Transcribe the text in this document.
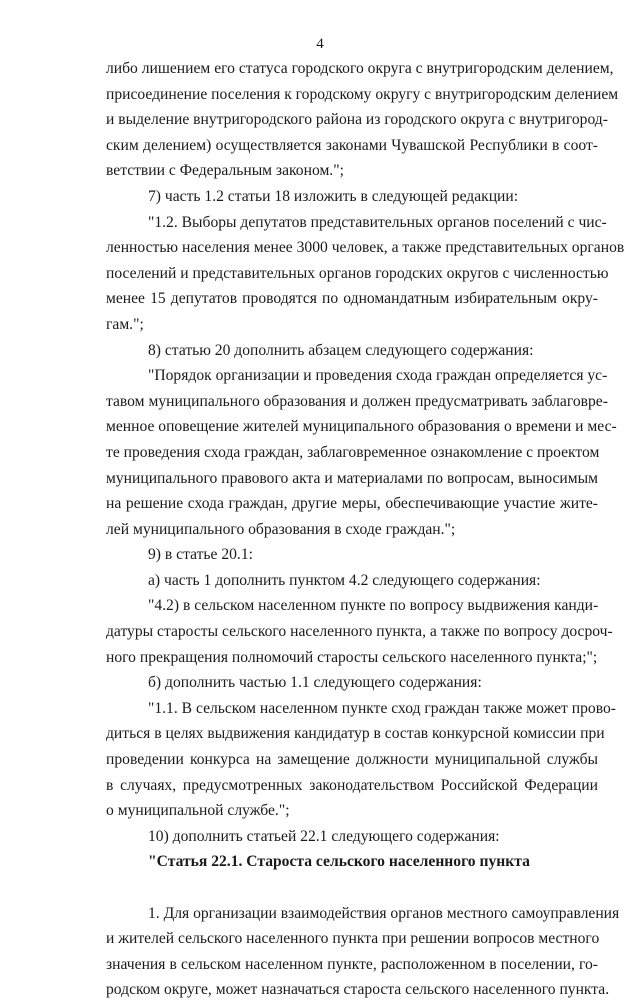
4
либо лишением его статуса городского округа с внутригородским делением,
присоединение поселения к городскому округу с внутригородским делением
и выделение внутригородского района из городского округа с внутригород-
ским делением) осуществляется законами Чувашской Республики в соот-
ветствии с Федеральным законом.";
7) часть 1.2 статьи 18 изложить в следующей редакции:
"1.2. Выборы депутатов представительных органов поселений с чис-
ленностью населения менее 3000 человек, а также представительных органов
поселений и представительных органов городских округов с численностью
менее 15 депутатов проводятся по одномандатным избирательным окру-
гам.";
8) статью 20 дополнить абзацем следующего содержания:
"Порядок организации и проведения схода граждан определяется ус-
тавом муниципального образования и должен предусматривать заблаговре-
менное оповещение жителей муниципального образования о времени и мес-
те проведения схода граждан, заблаговременное ознакомление с проектом
муниципального правового акта и материалами по вопросам, выносимым
на решение схода граждан, другие меры, обеспечивающие участие жите-
лей муниципального образования в сходе граждан.";
9) в статье 20.1:
а) часть 1 дополнить пунктом 4.2 следующего содержания:
"4.2) в сельском населенном пункте по вопросу выдвижения канди-
датуры старосты сельского населенного пункта, а также по вопросу досроч-
ного прекращения полномочий старосты сельского населенного пункта;";
б) дополнить частью 1.1 следующего содержания:
"1.1. В сельском населенном пункте сход граждан также может прово-
диться в целях выдвижения кандидатур в состав конкурсной комиссии при
проведении конкурса на замещение должности муниципальной службы
в случаях, предусмотренных законодательством Российской Федерации
о муниципальной службе.";
10) дополнить статьей 22.1 следующего содержания:
"Статья 22.1. Староста сельского населенного пункта
1. Для организации взаимодействия органов местного самоуправления
и жителей сельского населенного пункта при решении вопросов местного
значения в сельском населенном пункте, расположенном в поселении, го-
родском округе, может назначаться староста сельского населенного пункта.
